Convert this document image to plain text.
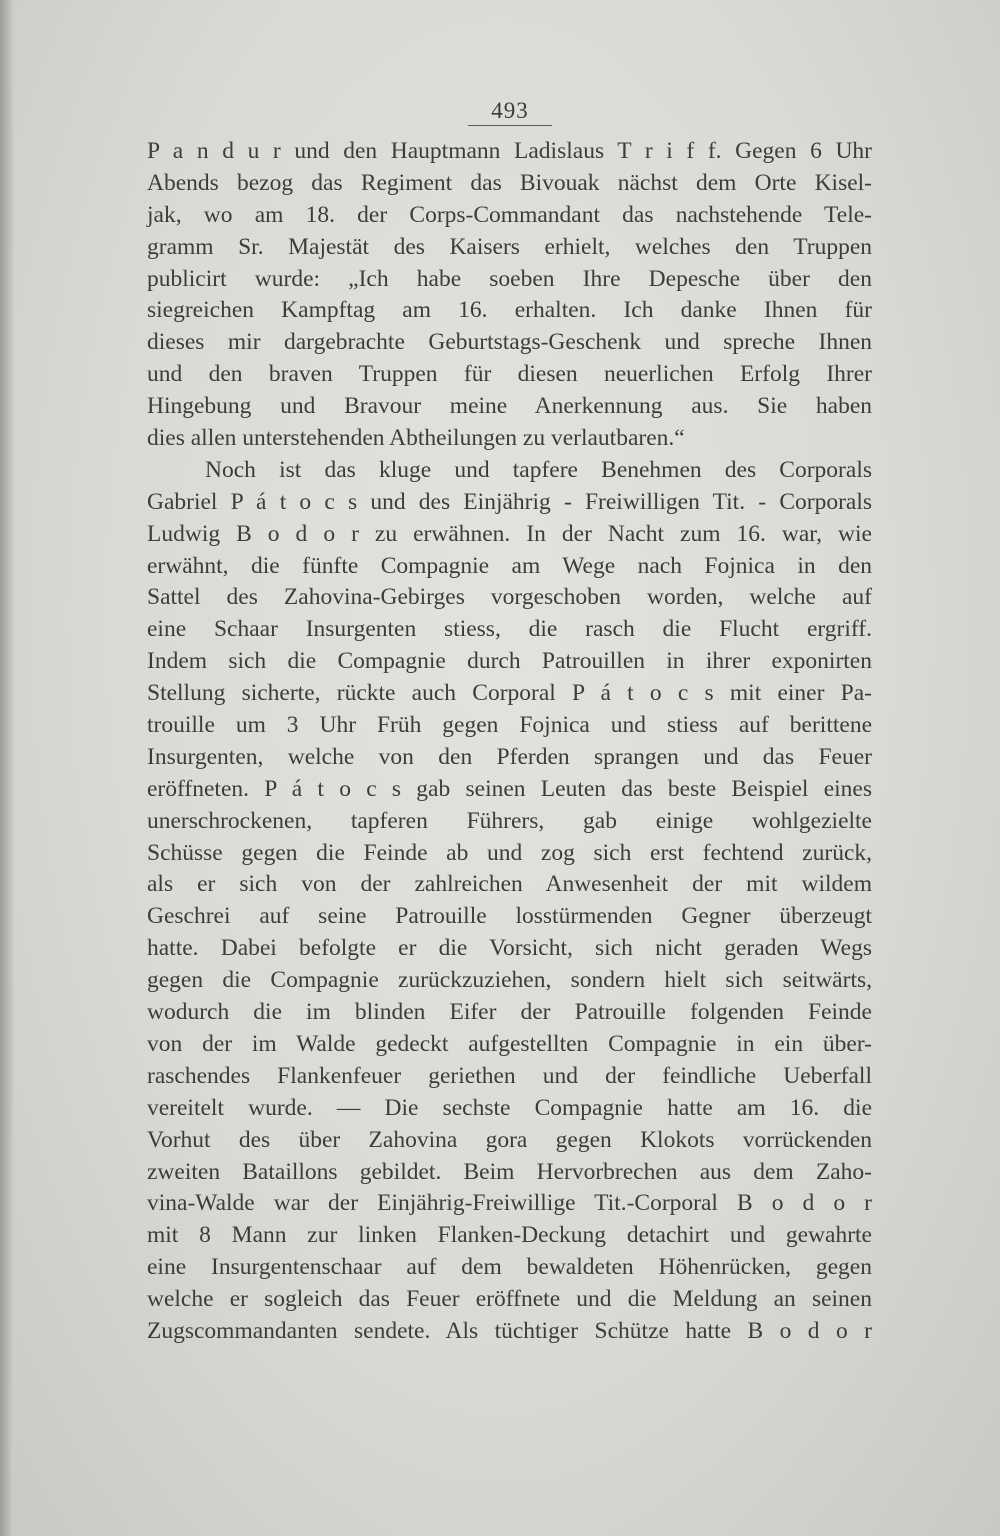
493
P a n d u r und den Hauptmann Ladislaus T r i f f. Gegen 6 Uhr
Abends bezog das Regiment das Bivouak nächst dem Orte Kisel-
jak, wo am 18. der Corps-Commandant das nachstehende Tele-
gramm Sr. Majestät des Kaisers erhielt, welches den Truppen
publicirt wurde: „Ich habe soeben Ihre Depesche über den
siegreichen Kampftag am 16. erhalten. Ich danke Ihnen für
dieses mir dargebrachte Geburtstags-Geschenk und spreche Ihnen
und den braven Truppen für diesen neuerlichen Erfolg Ihrer
Hingebung und Bravour meine Anerkennung aus. Sie haben
dies allen unterstehenden Abtheilungen zu verlautbaren.“
Noch ist das kluge und tapfere Benehmen des Corporals
Gabriel P á t o c s und des Einjährig - Freiwilligen Tit. - Corporals
Ludwig B o d o r zu erwähnen. In der Nacht zum 16. war, wie
erwähnt, die fünfte Compagnie am Wege nach Fojnica in den
Sattel des Zahovina-Gebirges vorgeschoben worden, welche auf
eine Schaar Insurgenten stiess, die rasch die Flucht ergriff.
Indem sich die Compagnie durch Patrouillen in ihrer exponirten
Stellung sicherte, rückte auch Corporal P á t o c s mit einer Pa-
trouille um 3 Uhr Früh gegen Fojnica und stiess auf berittene
Insurgenten, welche von den Pferden sprangen und das Feuer
eröffneten. P á t o c s gab seinen Leuten das beste Beispiel eines
unerschrockenen, tapferen Führers, gab einige wohlgezielte
Schüsse gegen die Feinde ab und zog sich erst fechtend zurück,
als er sich von der zahlreichen Anwesenheit der mit wildem
Geschrei auf seine Patrouille losstürmenden Gegner überzeugt
hatte. Dabei befolgte er die Vorsicht, sich nicht geraden Wegs
gegen die Compagnie zurückzuziehen, sondern hielt sich seitwärts,
wodurch die im blinden Eifer der Patrouille folgenden Feinde
von der im Walde gedeckt aufgestellten Compagnie in ein über-
raschendes Flankenfeuer geriethen und der feindliche Ueberfall
vereitelt wurde. — Die sechste Compagnie hatte am 16. die
Vorhut des über Zahovina gora gegen Klokots vorrückenden
zweiten Bataillons gebildet. Beim Hervorbrechen aus dem Zaho-
vina-Walde war der Einjährig-Freiwillige Tit.-Corporal B o d o r
mit 8 Mann zur linken Flanken-Deckung detachirt und gewahrte
eine Insurgentenschaar auf dem bewaldeten Höhenrücken, gegen
welche er sogleich das Feuer eröffnete und die Meldung an seinen
Zugscommandanten sendete. Als tüchtiger Schütze hatte B o d o r
